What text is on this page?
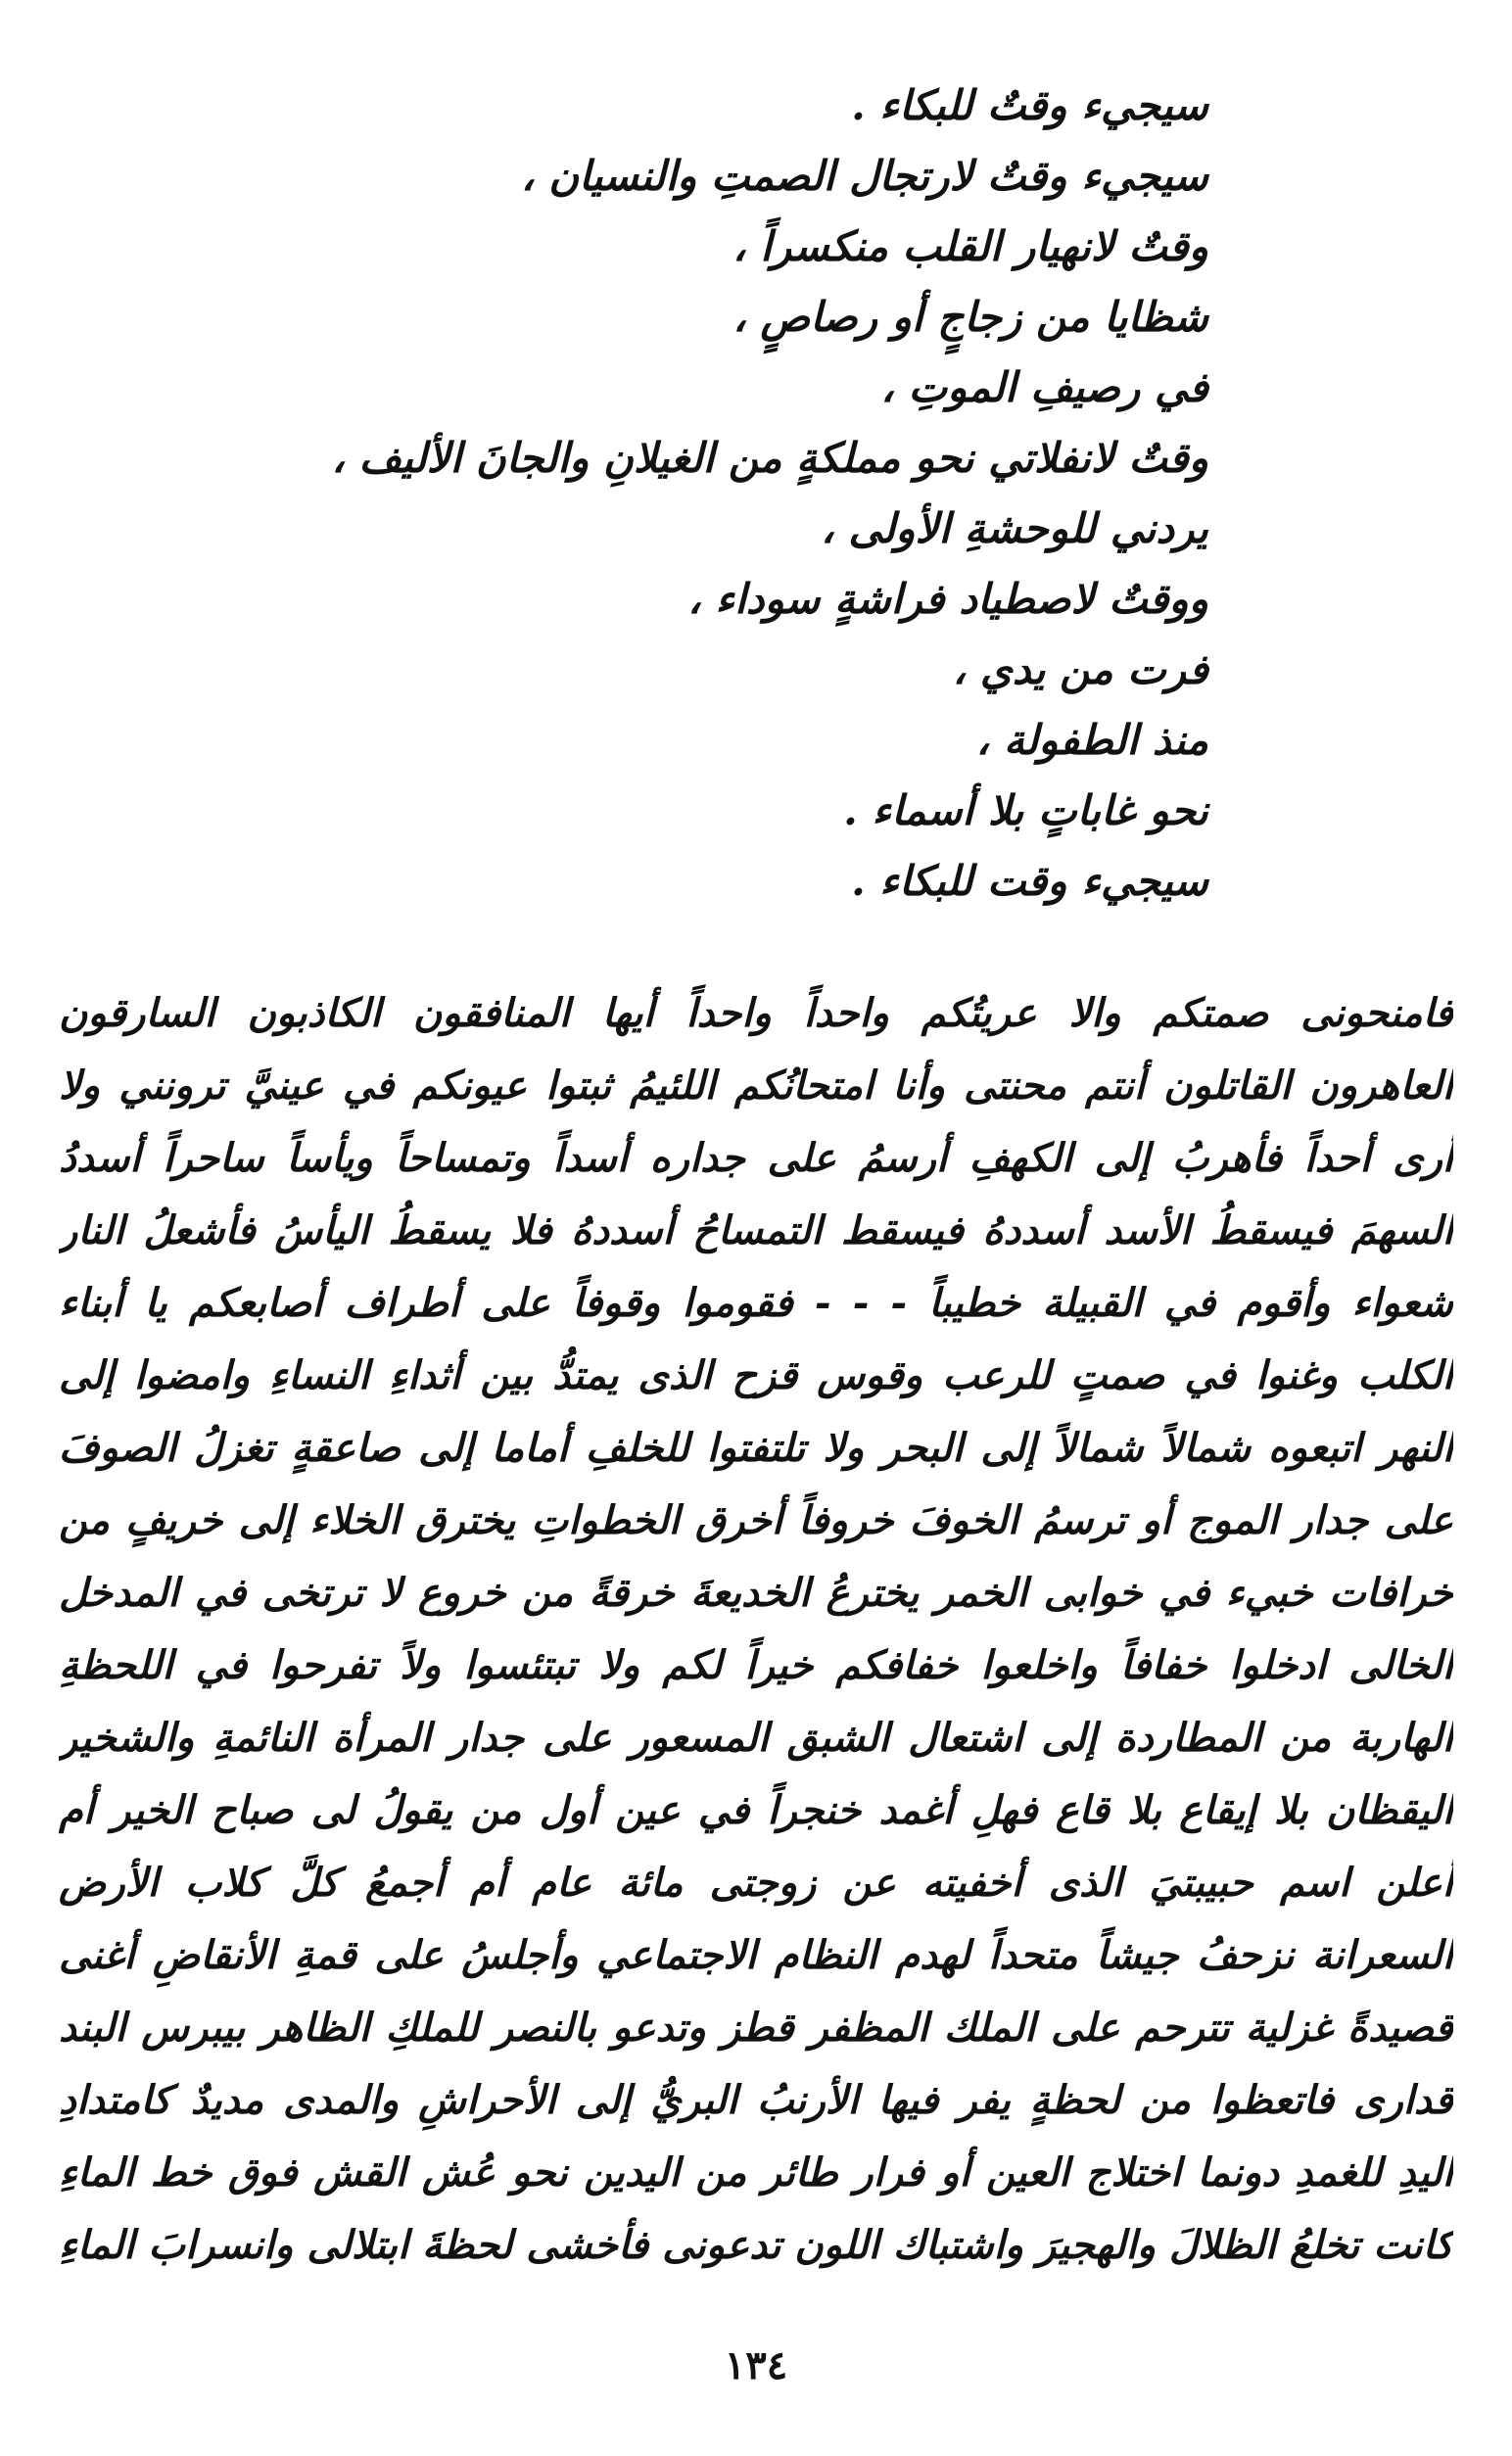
سيجيء وقتٌ للبكاء .
سيجيء وقتٌ لارتجال الصمتِ والنسيان ،
وقتٌ لانهيار القلب منكسراً ،
شظايا من زجاجٍ أو رصاصٍ ،
في رصيفِ الموتِ ،
وقتٌ لانفلاتي نحو مملكةٍ من الغيلانِ والجانَ الأليف ،
يردني للوحشةِ الأولى ،
ووقتٌ لاصطياد فراشةٍ سوداء ،
فرت من يدي ،
منذ الطفولة ،
نحو غاباتٍ بلا أسماء .
سيجيء وقت للبكاء .
فامنحونى صمتكم والا عريتُكم واحداً واحداً أيها المنافقون الكاذبون السارقون
العاهرون القاتلون أنتم محنتى وأنا امتحانُكم اللئيمُ ثبتوا عيونكم في عينيَّ ترونني ولا
أرى أحداً فأهربُ إلى الكهفِ أرسمُ على جداره أسداً وتمساحاً ويأساً ساحراً أسددُ
السهمَ فيسقطُ الأسد أسددهُ فيسقط التمساحُ أسددهُ فلا يسقطُ اليأسُ فأشعلُ النار
شعواء وأقوم في القبيلة خطيباً - - - فقوموا وقوفاً على أطراف أصابعكم يا أبناء
الكلب وغنوا في صمتٍ للرعب وقوس قزح الذى يمتدُّ بين أثداءِ النساءِ وامضوا إلى
النهر اتبعوه شمالاً شمالاً إلى البحر ولا تلتفتوا للخلفِ أماما إلى صاعقةٍ تغزلُ الصوفَ
على جدار الموج أو ترسمُ الخوفَ خروفاً أخرق الخطواتِ يخترق الخلاء إلى خريفٍ من
خرافات خبيء في خوابى الخمر يخترعُ الخديعةَ خرقةً من خروع لا ترتخى في المدخل
الخالى ادخلوا خفافاً واخلعوا خفافكم خيراً لكم ولا تبتئسوا ولاً تفرحوا في اللحظةِ
الهاربة من المطاردة إلى اشتعال الشبق المسعور على جدار المرأة النائمةِ والشخير
اليقظان بلا إيقاع بلا قاع فهلِ أغمد خنجراً في عين أول من يقولُ لى صباح الخير أم
أعلن اسم حبيبتيَ الذى أخفيته عن زوجتى مائة عام أم أجمعُ كلَّ كلاب الأرض
السعرانة نزحفُ جيشاً متحداً لهدم النظام الاجتماعي وأجلسُ على قمةِ الأنقاضِ أغنى
قصيدةً غزلية تترحم على الملك المظفر قطز وتدعو بالنصر للملكِ الظاهر بيبرس البند
قدارى فاتعظوا من لحظةٍ يفر فيها الأرنبُ البريُّ إلى الأحراشِ والمدى مديدٌ كامتدادِ
اليدِ للغمدِ دونما اختلاج العين أو فرار طائر من اليدين نحو عُش القش فوق خط الماءِ
كانت تخلعُ الظلالَ والهجيرَ واشتباك اللون تدعونى فأخشى لحظةَ ابتلالى وانسرابَ الماءِ
١٣٤
